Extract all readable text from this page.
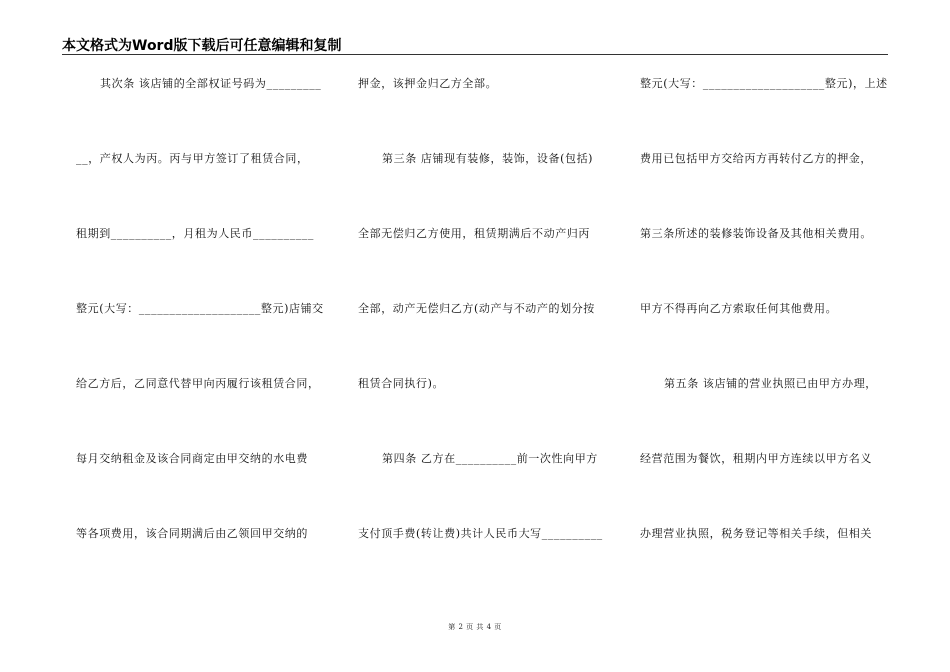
本文格式为Word版下载后可任意编辑和复制
其次条 该店铺的全部权证号码为_________
__，产权人为丙。丙与甲方签订了租赁合同，
租期到__________，月租为人民币__________
整元(大写：____________________整元)店铺交
给乙方后，乙同意代替甲向丙履行该租赁合同，
每月交纳租金及该合同商定由甲交纳的水电费
等各项费用，该合同期满后由乙领回甲交纳的
押金，该押金归乙方全部。
第三条 店铺现有装修，装饰，设备(包括)
全部无偿归乙方使用，租赁期满后不动产归丙
全部，动产无偿归乙方(动产与不动产的划分按
租赁合同执行)。
第四条 乙方在__________前一次性向甲方
支付顶手费(转让费)共计人民币大写__________
整元(大写：____________________整元)，上述
费用已包括甲方交给丙方再转付乙方的押金，
第三条所述的装修装饰设备及其他相关费用。
甲方不得再向乙方索取任何其他费用。
第五条 该店铺的营业执照已由甲方办理，
经营范围为餐饮，租期内甲方连续以甲方名义
办理营业执照，税务登记等相关手续，但相关
第 2 页 共 4 页
